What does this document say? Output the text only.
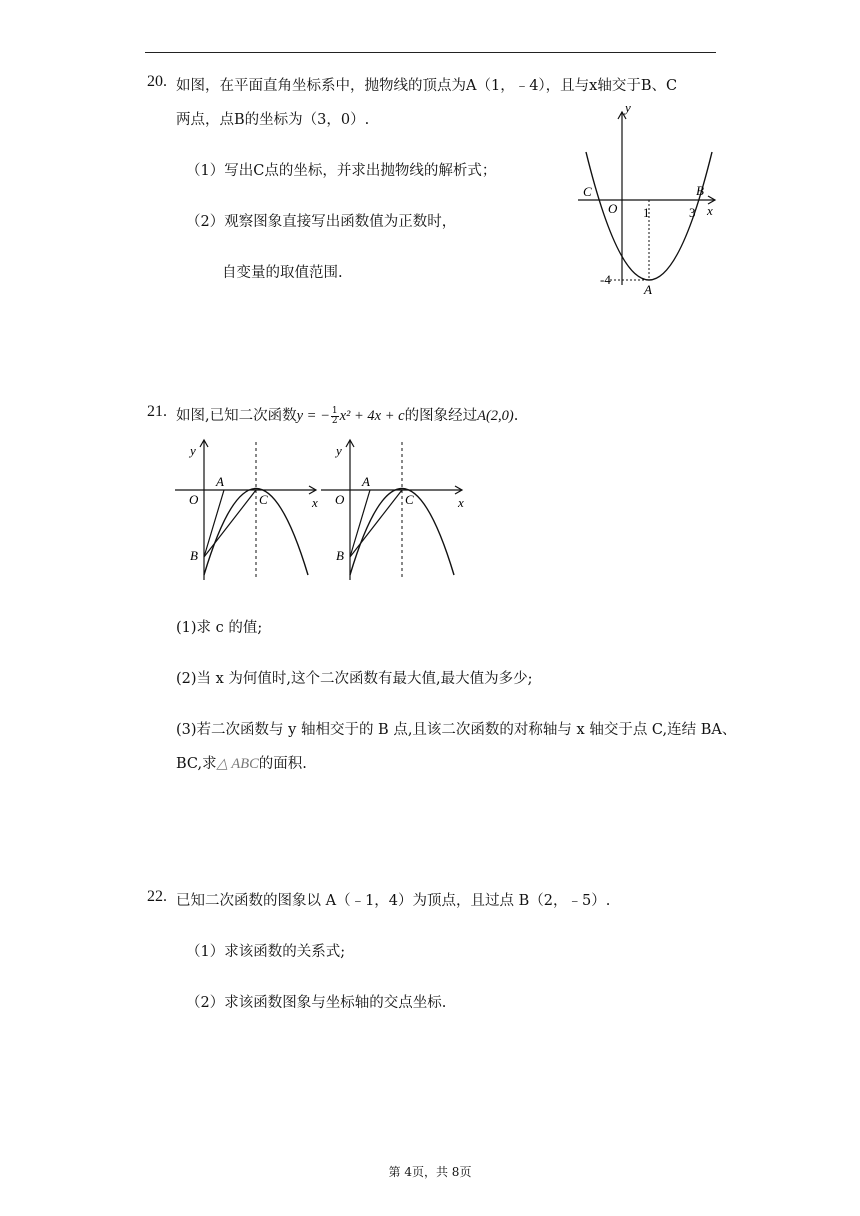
20. 如图，在平面直角坐标系中，抛物线的顶点为A（1，﹣4），且与x轴交于B、C
两点，点B的坐标为（3，0）.
（1）写出C点的坐标，并求出抛物线的解析式；
（2）观察图象直接写出函数值为正数时，
自变量的取值范围.
y
x
O
C	B
A
1	3
-4
21. 如图,已知二次函数y = − $\frac{1}{2} x^2 + 4x + c$的图象经过A(2,0).
y
x
O
A
B
C
y
x
O
A
B
C
(1)求 c 的值;
(2)当 x 为何值时,这个二次函数有最大值,最大值为多少;
(3)若二次函数与 y 轴相交于的 B 点,且该二次函数的对称轴与 x 轴交于点 C,连结 BA、
BC,求△ ABC的面积.
22. 已知二次函数的图象以 A（﹣1，4）为顶点，且过点 B（2，﹣5）.
（1）求该函数的关系式;
（2）求该函数图象与坐标轴的交点坐标.
第 4页，共 8页
